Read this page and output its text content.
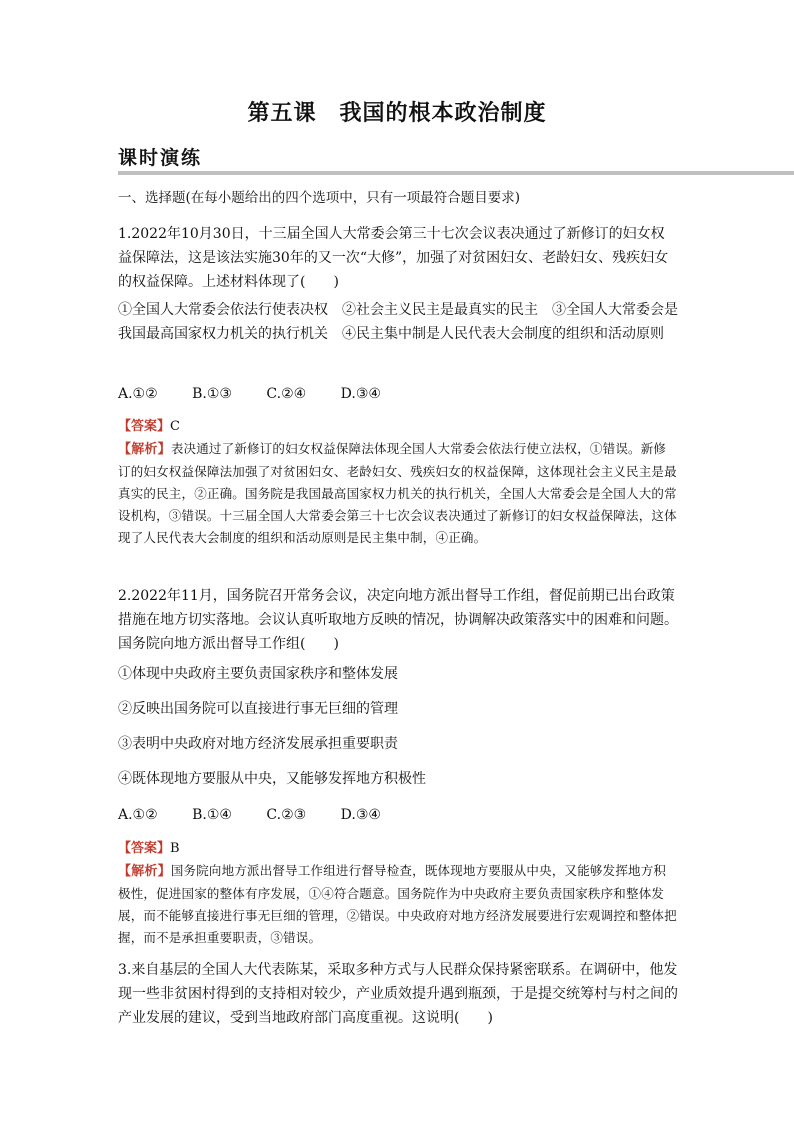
第五课　我国的根本政治制度
课时演练
一、选择题(在每小题给出的四个选项中，只有一项最符合题目要求)

1.2022年10月30日，十三届全国人大常委会第三十七次会议表决通过了新修订的妇女权益保障法，这是该法实施30年的又一次“大修”，加强了对贫困妇女、老龄妇女、残疾妇女的权益保障。上述材料体现了(　　)

①全国人大常委会依法行使表决权　②社会主义民主是最真实的民主　③全国人大常委会是我国最高国家权力机关的执行机关　④民主集中制是人民代表大会制度的组织和活动原则

A.①② B.①③ C.②④ D.③④
【答案】C
【解析】表决通过了新修订的妇女权益保障法体现全国人大常委会依法行使立法权，①错误。新修订的妇女权益保障法加强了对贫困妇女、老龄妇女、残疾妇女的权益保障，这体现社会主义民主是最真实的民主，②正确。国务院是我国最高国家权力机关的执行机关，全国人大常委会是全国人大的常设机构，③错误。十三届全国人大常委会第三十七次会议表决通过了新修订的妇女权益保障法，这体现了人民代表大会制度的组织和活动原则是民主集中制，④正确。

2.2022年11月，国务院召开常务会议，决定向地方派出督导工作组，督促前期已出台政策措施在地方切实落地。会议认真听取地方反映的情况，协调解决政策落实中的困难和问题。国务院向地方派出督导工作组(　　)

①体现中央政府主要负责国家秩序和整体发展
②反映出国务院可以直接进行事无巨细的管理
③表明中央政府对地方经济发展承担重要职责
④既体现地方要服从中央，又能够发挥地方积极性
A.①② B.①④ C.②③ D.③④
【答案】B
【解析】国务院向地方派出督导工作组进行督导检查，既体现地方要服从中央，又能够发挥地方积极性，促进国家的整体有序发展，①④符合题意。国务院作为中央政府主要负责国家秩序和整体发展，而不能够直接进行事无巨细的管理，②错误。中央政府对地方经济发展要进行宏观调控和整体把握，而不是承担重要职责，③错误。

3.来自基层的全国人大代表陈某，采取多种方式与人民群众保持紧密联系。在调研中，他发现一些非贫困村得到的支持相对较少，产业质效提升遇到瓶颈，于是提交统筹村与村之间的产业发展的建议，受到当地政府部门高度重视。这说明(　　)
